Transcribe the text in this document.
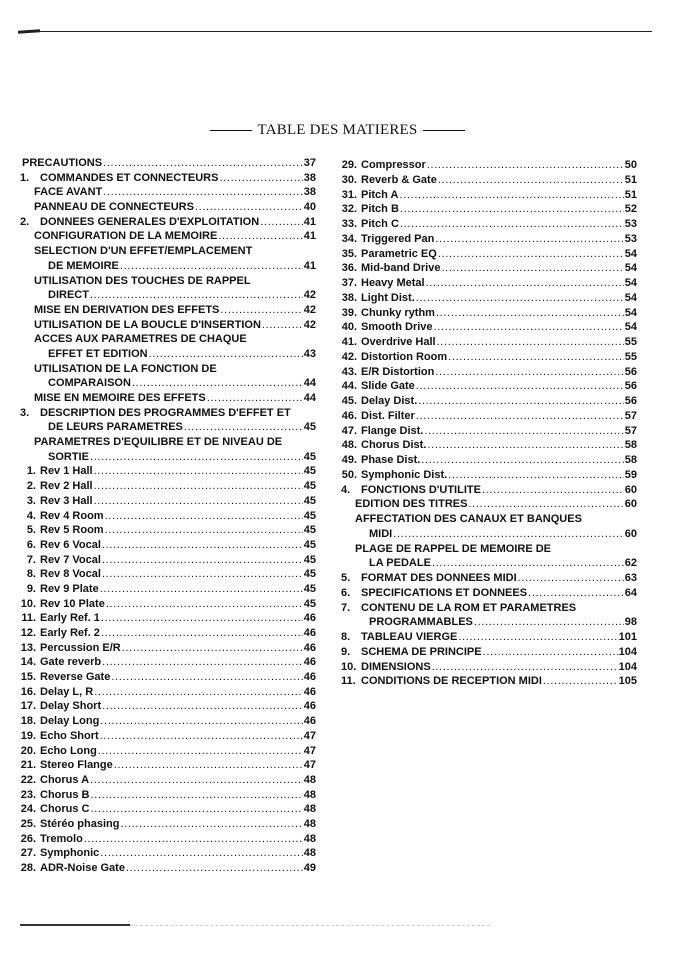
TABLE DES MATIERES
PRECAUTIONS . . .	37
1. COMMANDES ET CONNECTEURS . . .	38
FACE AVANT . . .	38
PANNEAU DE CONNECTEURS . . .	40
2. DONNEES GENERALES D'EXPLOITATION . . .	41
CONFIGURATION DE LA MEMOIRE . . .	41
SELECTION D'UN EFFET/EMPLACEMENT
DE MEMOIRE . . .	41
UTILISATION DES TOUCHES DE RAPPEL
DIRECT . . .	42
MISE EN DERIVATION DES EFFETS . . .	42
UTILISATION DE LA BOUCLE D'INSERTION . . .	42
ACCES AUX PARAMETRES DE CHAQUE
EFFET ET EDITION . . .	43
UTILISATION DE LA FONCTION DE
COMPARAISON . . .	44
MISE EN MEMOIRE DES EFFETS . . .	44
3. DESCRIPTION DES PROGRAMMES D'EFFET ET
DE LEURS PARAMETRES . . .	45
PARAMETRES D'EQUILIBRE ET DE NIVEAU DE
SORTIE . . .	45
1. Rev 1 Hall . . .	45
2. Rev 2 Hall . . .	45
3. Rev 3 Hall . . .	45
4. Rev 4 Room . . .	45
5. Rev 5 Room . . .	45
6. Rev 6 Vocal . . .	45
7. Rev 7 Vocal . . .	45
8. Rev 8 Vocal . . .	45
9. Rev 9 Plate . . .	45
10. Rev 10 Plate . . .	45
11. Early Ref. 1 . . .	46
12. Early Ref. 2 . . .	46
13. Percussion E/R . . .	46
14. Gate reverb . . .	46
15. Reverse Gate . . .	46
16. Delay L, R . . .	46
17. Delay Short . . .	46
18. Delay Long . . .	46
19. Echo Short . . .	47
20. Echo Long . . .	47
21. Stereo Flange . . .	47
22. Chorus A . . .	48
23. Chorus B . . .	48
24. Chorus C . . .	48
25. Stéréo phasing . . .	48
26. Tremolo . . .	48
27. Symphonic . . .	48
28. ADR-Noise Gate . . .	49
29. Compressor . . .	50
30. Reverb & Gate . . .	51
31. Pitch A . . .	51
32. Pitch B . . .	52
33. Pitch C . . .	53
34. Triggered Pan . . .	53
35. Parametric EQ . . .	54
36. Mid-band Drive . . .	54
37. Heavy Metal . . .	54
38. Light Dist. . . .	54
39. Chunky rythm . . .	54
40. Smooth Drive . . .	54
41. Overdrive Hall . . .	55
42. Distortion Room . . .	55
43. E/R Distortion . . .	56
44. Slide Gate . . .	56
45. Delay Dist. . . .	56
46. Dist. Filter . . .	57
47. Flange Dist. . . .	57
48. Chorus Dist. . . .	58
49. Phase Dist. . . .	58
50. Symphonic Dist. . . .	59
4. FONCTIONS D'UTILITE . . .	60
EDITION DES TITRES . . .	60
AFFECTATION DES CANAUX ET BANQUES
MIDI . . .	60
PLAGE DE RAPPEL DE MEMOIRE DE
LA PEDALE . . .	62
5. FORMAT DES DONNEES MIDI . . .	63
6. SPECIFICATIONS ET DONNEES . . .	64
7. CONTENU DE LA ROM ET PARAMETRES
PROGRAMMABLES . . .	98
8. TABLEAU VIERGE . . .	101
9. SCHEMA DE PRINCIPE . . .	104
10. DIMENSIONS . . .	104
11. CONDITIONS DE RECEPTION MIDI . . .	105
